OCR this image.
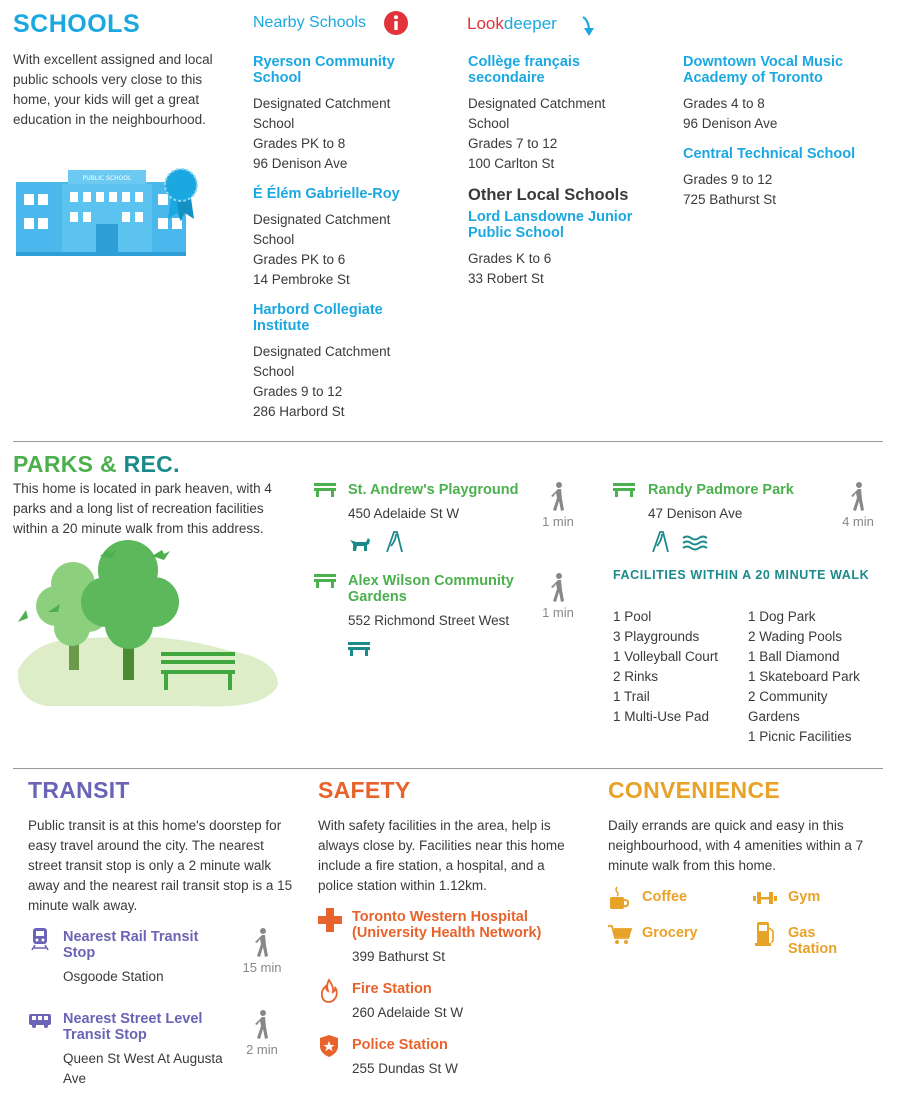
SCHOOLS
With excellent assigned and local public schools very close to this home, your kids will get a great education in the neighbourhood.
PUBLIC SCHOOL
Nearby Schools	Lookdeeper
Ryerson Community School
Designated Catchment
School
Grades PK to 8
96 Denison Ave
É Élém Gabrielle-Roy
Designated Catchment
School
Grades PK to 6
14 Pembroke St
Harbord Collegiate Institute
Designated Catchment
School
Grades 9 to 12
286 Harbord St
Collège français secondaire
Designated Catchment
School
Grades 7 to 12
100 Carlton St
Other Local Schools
Lord Lansdowne Junior Public School
Grades K to 6
33 Robert St
Downtown Vocal Music Academy of Toronto
Grades 4 to 8
96 Denison Ave
Central Technical School
Grades 9 to 12
725 Bathurst St
PARKS & REC.
This home is located in park heaven, with 4 parks and a long list of recreation facilities within a 20 minute walk from this address.
St. Andrew's Playground
450 Adelaide St W
1 min
Alex Wilson Community Gardens
552 Richmond Street West
1 min
Randy Padmore Park
47 Denison Ave
4 min
FACILITIES WITHIN A 20 MINUTE WALK
1 Pool
3 Playgrounds
1 Volleyball Court
2 Rinks
1 Trail
1 Multi-Use Pad
1 Dog Park
2 Wading Pools
1 Ball Diamond
1 Skateboard Park
2 Community
Gardens
1 Picnic Facilities
TRANSIT
Public transit is at this home's doorstep for easy travel around the city. The nearest street transit stop is only a 2 minute walk away and the nearest rail transit stop is a 15 minute walk away.
Nearest Rail Transit Stop
Osgoode Station
15 min
Nearest Street Level Transit Stop
Queen St West At Augusta Ave
2 min
SAFETY
With safety facilities in the area, help is always close by. Facilities near this home include a fire station, a hospital, and a police station within 1.12km.
Toronto Western Hospital (University Health Network)
399 Bathurst St
Fire Station
260 Adelaide St W
Police Station
255 Dundas St W
CONVENIENCE
Daily errands are quick and easy in this neighbourhood, with 4 amenities within a 7 minute walk from this home.
Coffee	Gym
Grocery	Gas Station
